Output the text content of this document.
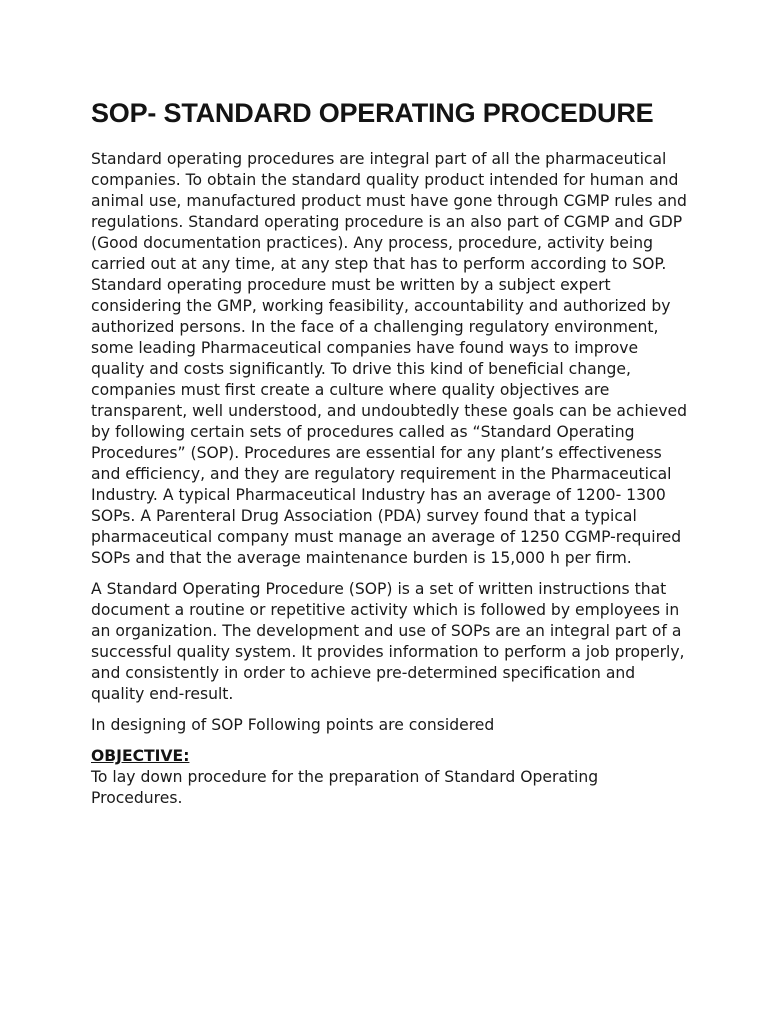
SOP- STANDARD OPERATING PROCEDURE

Standard operating procedures are integral part of all the pharmaceutical companies. To obtain the standard quality product intended for human and animal use, manufactured product must have gone through CGMP rules and regulations. Standard operating procedure is an also part of CGMP and GDP (Good documentation practices). Any process, procedure, activity being carried out at any time, at any step that has to perform according to SOP. Standard operating procedure must be written by a subject expert considering the GMP, working feasibility, accountability and authorized by authorized persons. In the face of a challenging regulatory environment, some leading Pharmaceutical companies have found ways to improve quality and costs significantly. To drive this kind of beneficial change, companies must first create a culture where quality objectives are transparent, well understood, and undoubtedly these goals can be achieved by following certain sets of procedures called as “Standard Operating Procedures” (SOP). Procedures are essential for any plant’s effectiveness and efficiency, and they are regulatory requirement in the Pharmaceutical Industry. A typical Pharmaceutical Industry has an average of 1200- 1300 SOPs. A Parenteral Drug Association (PDA) survey found that a typical pharmaceutical company must manage an average of 1250 CGMP-required SOPs and that the average maintenance burden is 15,000 h per firm.

A Standard Operating Procedure (SOP) is a set of written instructions that document a routine or repetitive activity which is followed by employees in an organization. The development and use of SOPs are an integral part of a successful quality system. It provides information to perform a job properly, and consistently in order to achieve pre-determined specification and quality end-result.

In designing of SOP Following points are considered

OBJECTIVE:

To lay down procedure for the preparation of Standard Operating Procedures.
